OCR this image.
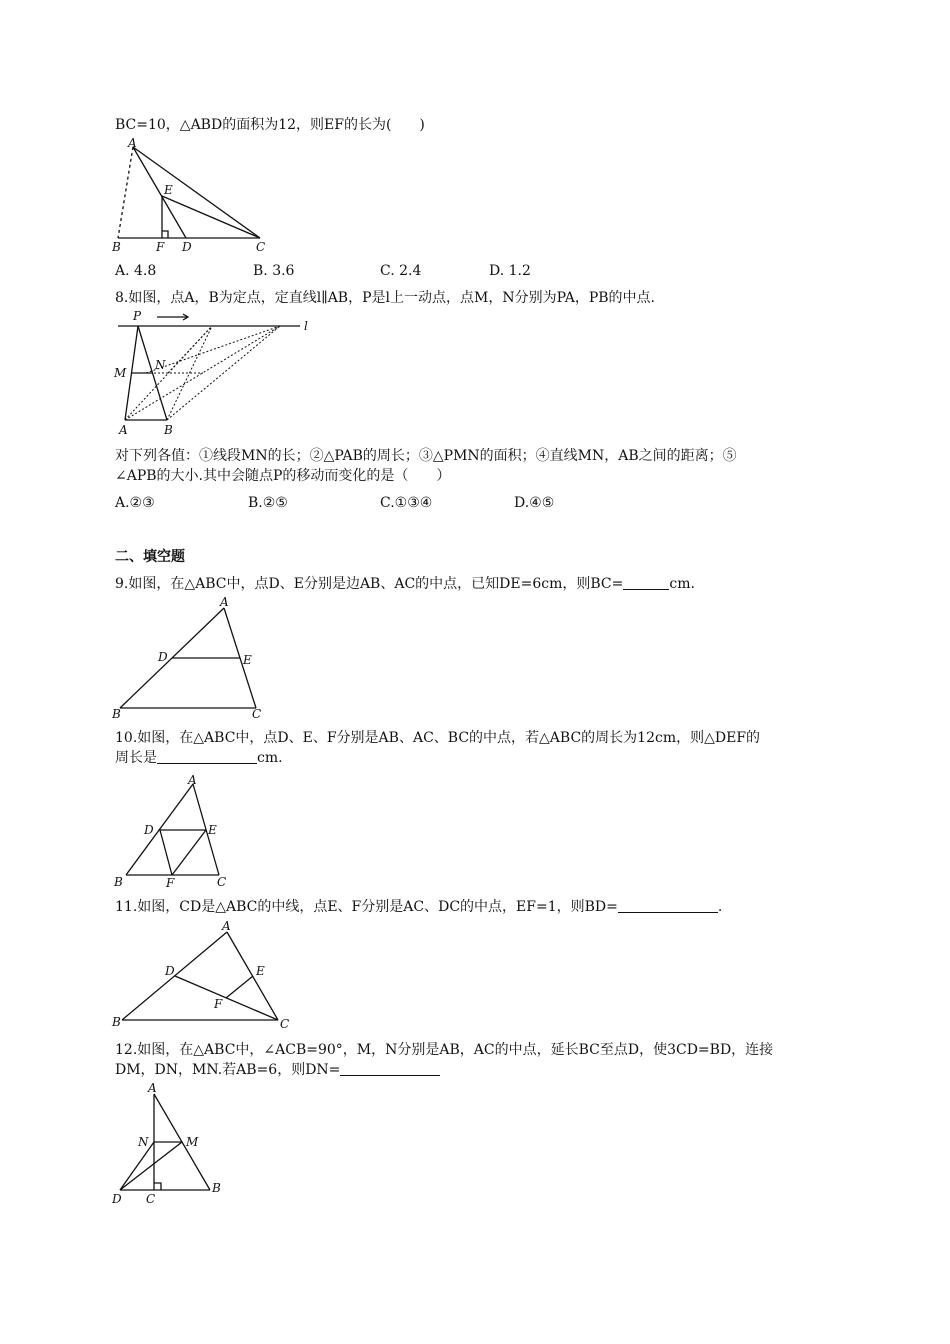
BC=10，△ABD的面积为12，则EF的长为(　　)
A
B	C
D
E
F
A. 4.8	B. 3.6	C. 2.4	D. 1.2
8.如图，点A，B为定点，定直线l∥AB，P是l上一动点，点M，N分别为PA，PB的中点.
P
l
M
N
A	B
对下列各值：①线段MN的长；②△PAB的周长；③△PMN的面积；④直线MN，AB之间的距离；⑤
∠APB的大小.其中会随点P的移动而变化的是（　　）
A.②③	B.②⑤	C.①③④	D.④⑤
二、填空题
9.如图，在△ABC中，点D、E分别是边AB、AC的中点，已知DE=6cm，则BC=	cm.
A
B	C
D	E
10.如图，在△ABC中，点D、E、F分别是AB、AC、BC的中点，若△ABC的周长为12cm，则△DEF的
周长是	cm.
A
B	C
D	E
F
11.如图，CD是△ABC的中线，点E、F分别是AC、DC的中点，EF=1，则BD=	.
A
B	C
D	E
F
12.如图，在△ABC中，∠ACB=90°，M，N分别是AB，AC的中点，延长BC至点D，使3CD=BD，连接
DM，DN，MN.若AB=6，则DN=
A
B
C
D
M
N
